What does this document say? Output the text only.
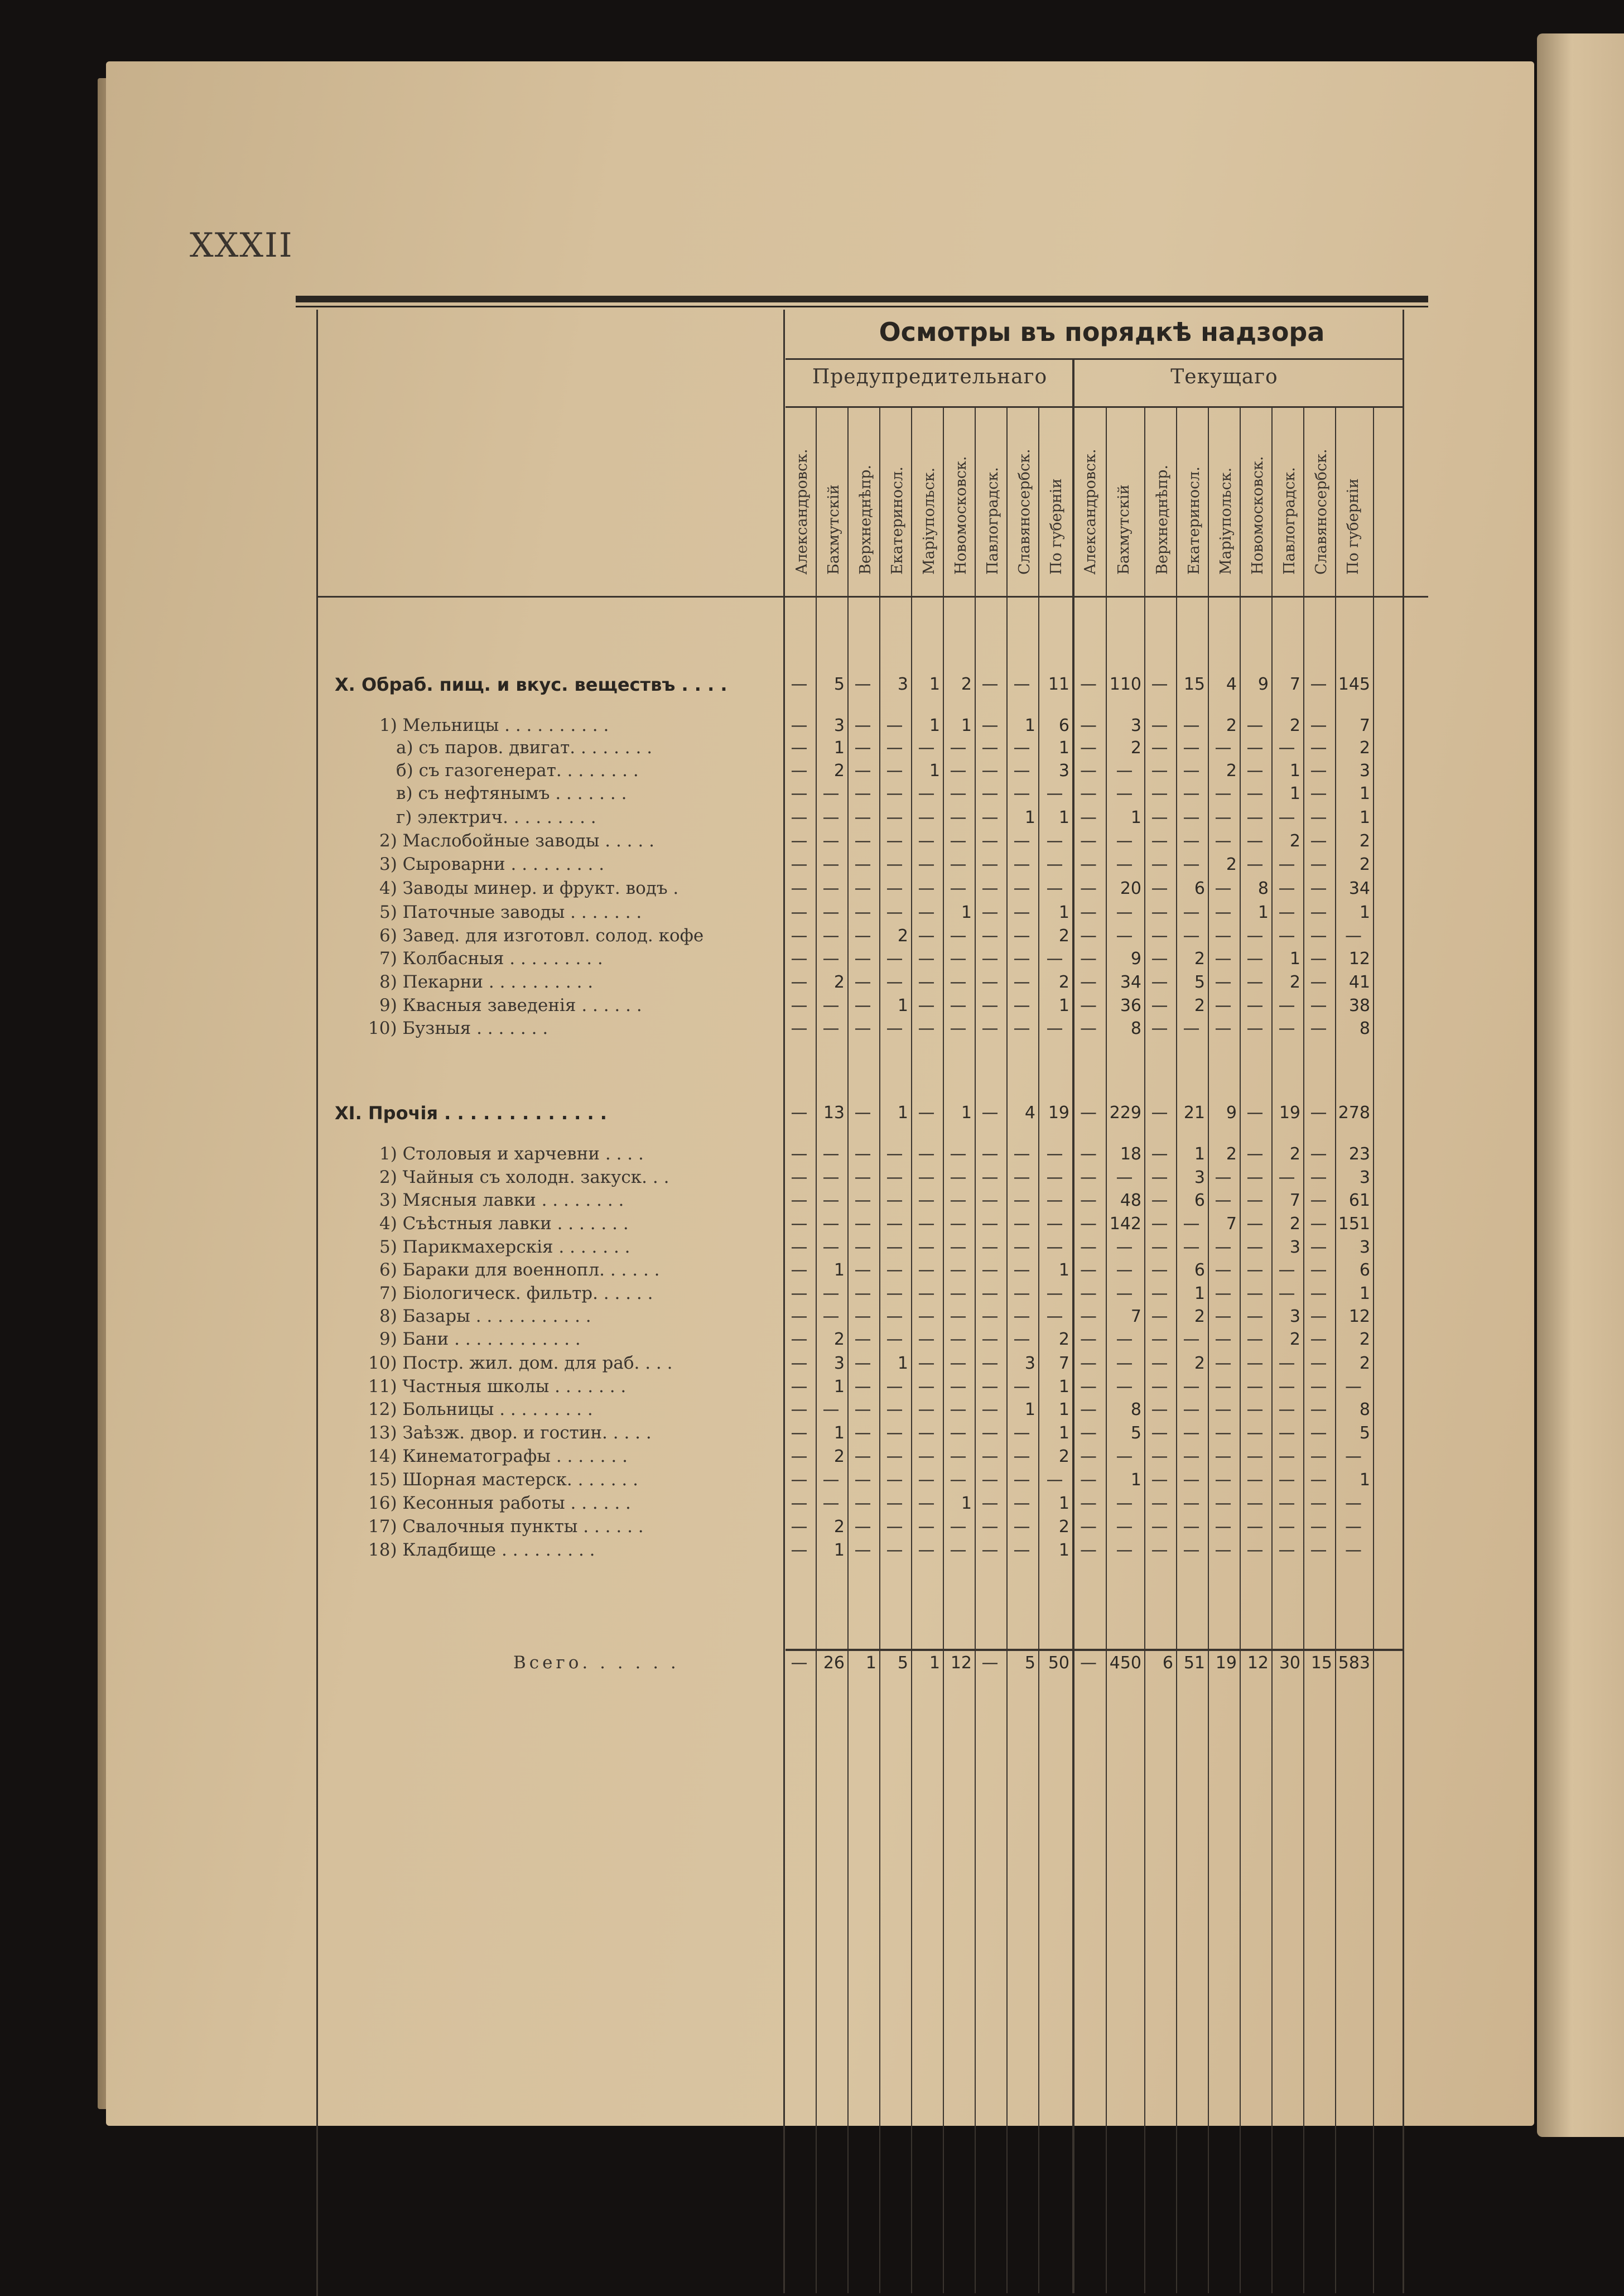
XXXII
Осмотры въ порядкѣ надзора
Предупредительнаго	Текущаго
Александровск. Бахмутскій Верхнеднѣпр. Екатериносл. Маріупольск. Новомосковск. Павлоградск. Славяносербск. По губерніи Александровск. Бахмутскій Верхнеднѣпр. Екатериносл. Маріупольск. Новомосковск. Павлоградск. Славяносербск. По губерніи
X. Обраб. пищ. и вкус. веществъ . . . .	—	5 —	3	1	2 — —	11 — 110 — 15	4	9	7 — 145
1) Мельницы . . . . . . . . . .	—	3 — —	1	1 —	1	6 —	3 — —	2 —	2 —	7
а) съ паров. двигат. . . . . . . .	—	1 — — — — — —	1 —	2 — — — — — —	2
б) съ газогенерат. . . . . . . .	—	2 — —	1 — — —	3 —	—	— —	2 —	1 —	3
в) съ нефтянымъ . . . . . . .	— — — — — — — — —	—	—	— — — —	1 —	1
г) электрич. . . . . . . . .	— — — — — — —	1	1 —	1 — — — — — —	1
2) Маслобойные заводы . . . . .	— — — — — — — — —	—	—	— — — —	2 —	2
3) Сыроварни . . . . . . . . .	— — — — — — — — —	—	—	— —	2 — — —	2
4) Заводы минер. и фрукт. водъ .	— — — — — — — — —	—	20 —	6 —	8 — —	34
5) Паточные заводы . . . . . . .	— — — — —	1 — —	1 —	—	— — —	1 — —	1
6) Завед. для изготовл. солод. кофе	— — —	2 — — — —	2 —	—	— — — — — —	—
7) Колбасныя . . . . . . . . .	— — — — — — — — —	—	9 —	2 — —	1 —	12
8) Пекарни . . . . . . . . . .	—	2 — — — — — —	2 —	34 —	5 — —	2 —	41
9) Квасныя заведенія . . . . . .	— — —	1 — — — —	1 —	36 —	2 — — — —	38
10) Бузныя . . . . . . .	— — — — — — — — —	—	8 — — — — — —	8
XI. Прочія . . . . . . . . . . . . .	— 13 —	1 —	1 —	4 19 — 229 — 21	9 — 19 — 278
1) Столовыя и харчевни . . . .	— — — — — — — — —	—	18 —	1	2 —	2 —	23
2) Чайныя съ холодн. закуск. . .	— — — — — — — — —	—	—	—	3 — — — —	3
3) Мясныя лавки . . . . . . . .	— — — — — — — — —	—	48 —	6 — —	7 —	61
4) Съѣстныя лавки . . . . . . .	— — — — — — — — —	— 142 — —	7 —	2 — 151
5) Парикмахерскія . . . . . . .	— — — — — — — — —	—	—	— — — —	3 —	3
6) Бараки для военнопл. . . . . .	—	1 — — — — — —	1 —	—	—	6 — — — —	6
7) Біологическ. фильтр. . . . . .	— — — — — — — — —	—	—	—	1 — — — —	1
8) Базары . . . . . . . . . . .	— — — — — — — — —	—	7 —	2 — —	3 —	12
9) Бани . . . . . . . . . . . .	—	2 — — — — — —	2 —	—	— — — —	2 —	2
10) Постр. жил. дом. для раб. . . .	—	3 —	1 — — —	3	7 —	—	—	2 — — — —	2
11) Частныя школы . . . . . . .	—	1 — — — — — —	1 —	—	— — — — — —	—
12) Больницы . . . . . . . . .	— — — — — — —	1	1 —	8 — — — — — —	8
13) Заѣзж. двор. и гостин. . . . .	—	1 — — — — — —	1 —	5 — — — — — —	5
14) Кинематографы . . . . . . .	—	2 — — — — — —	2 —	—	— — — — — —	—
15) Шорная мастерск. . . . . . .	— — — — — — — — —	—	1 — — — — — —	1
16) Кесонныя работы . . . . . .	— — — — —	1 — —	1 —	—	— — — — — —	—
17) Свалочныя пункты . . . . . .	—	2 — — — — — —	2 —	—	— — — — — —	—
18) Кладбище . . . . . . . . .	—	1 — — — — — —	1 —	—	— — — — — —	—
Всего. . . . . .	— 26	1	5	1 12 —	5 50 — 450	6 51 19 12 30 15 583
